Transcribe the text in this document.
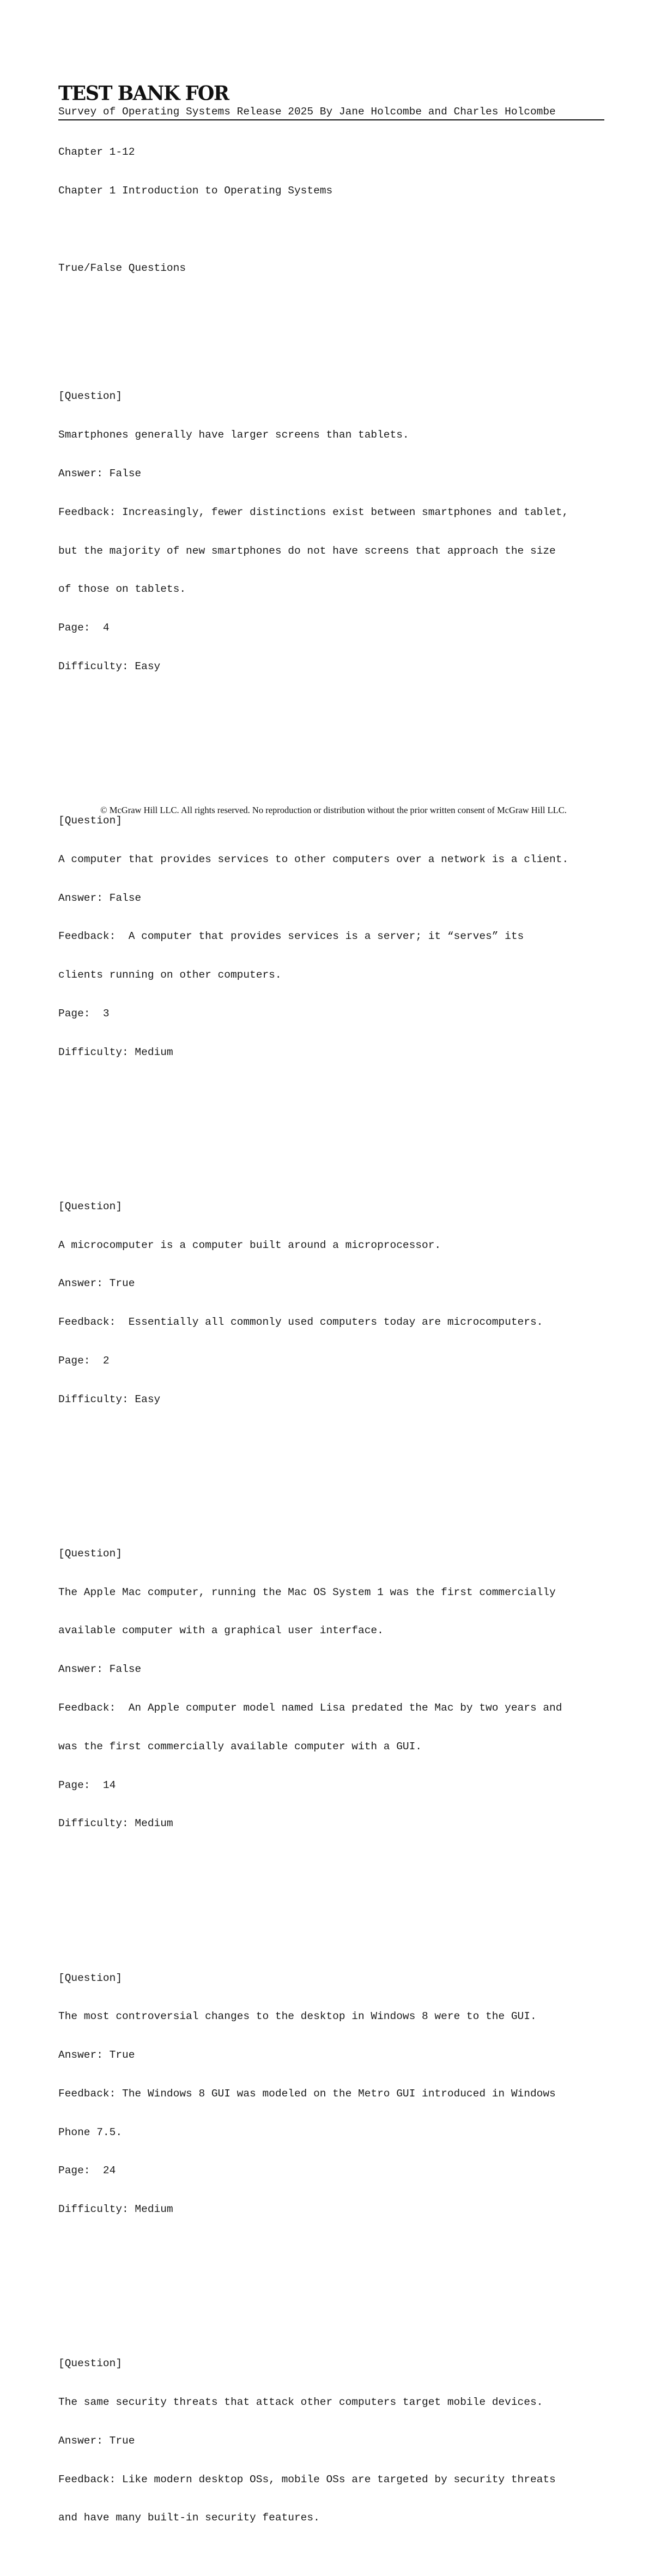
TEST BANK FOR
Survey of Operating Systems Release 2025 By Jane Holcombe and Charles Holcombe

Chapter 1-12

Chapter 1 Introduction to Operating Systems

True/False Questions

[Question]

Smartphones generally have larger screens than tablets.

Answer: False

Feedback: Increasingly, fewer distinctions exist between smartphones and tablet,

but the majority of new smartphones do not have screens that approach the size

of those on tablets.

Page:  4

Difficulty: Easy

[Question]

A computer that provides services to other computers over a network is a client.

Answer: False

Feedback:  A computer that provides services is a server; it “serves” its

clients running on other computers.

Page:  3

Difficulty: Medium

[Question]

A microcomputer is a computer built around a microprocessor.

Answer: True

Feedback:  Essentially all commonly used computers today are microcomputers.

Page:  2

Difficulty: Easy

[Question]

The Apple Mac computer, running the Mac OS System 1 was the first commercially

available computer with a graphical user interface.

Answer: False

Feedback:  An Apple computer model named Lisa predated the Mac by two years and

was the first commercially available computer with a GUI.

Page:  14

Difficulty: Medium

[Question]

The most controversial changes to the desktop in Windows 8 were to the GUI.

Answer: True

Feedback: The Windows 8 GUI was modeled on the Metro GUI introduced in Windows

Phone 7.5.

Page:  24

Difficulty: Medium

[Question]

The same security threats that attack other computers target mobile devices.

Answer: True

Feedback: Like modern desktop OSs, mobile OSs are targeted by security threats

and have many built-in security features.

© McGraw Hill LLC. All rights reserved. No reproduction or distribution without the prior written consent of McGraw Hill LLC.
